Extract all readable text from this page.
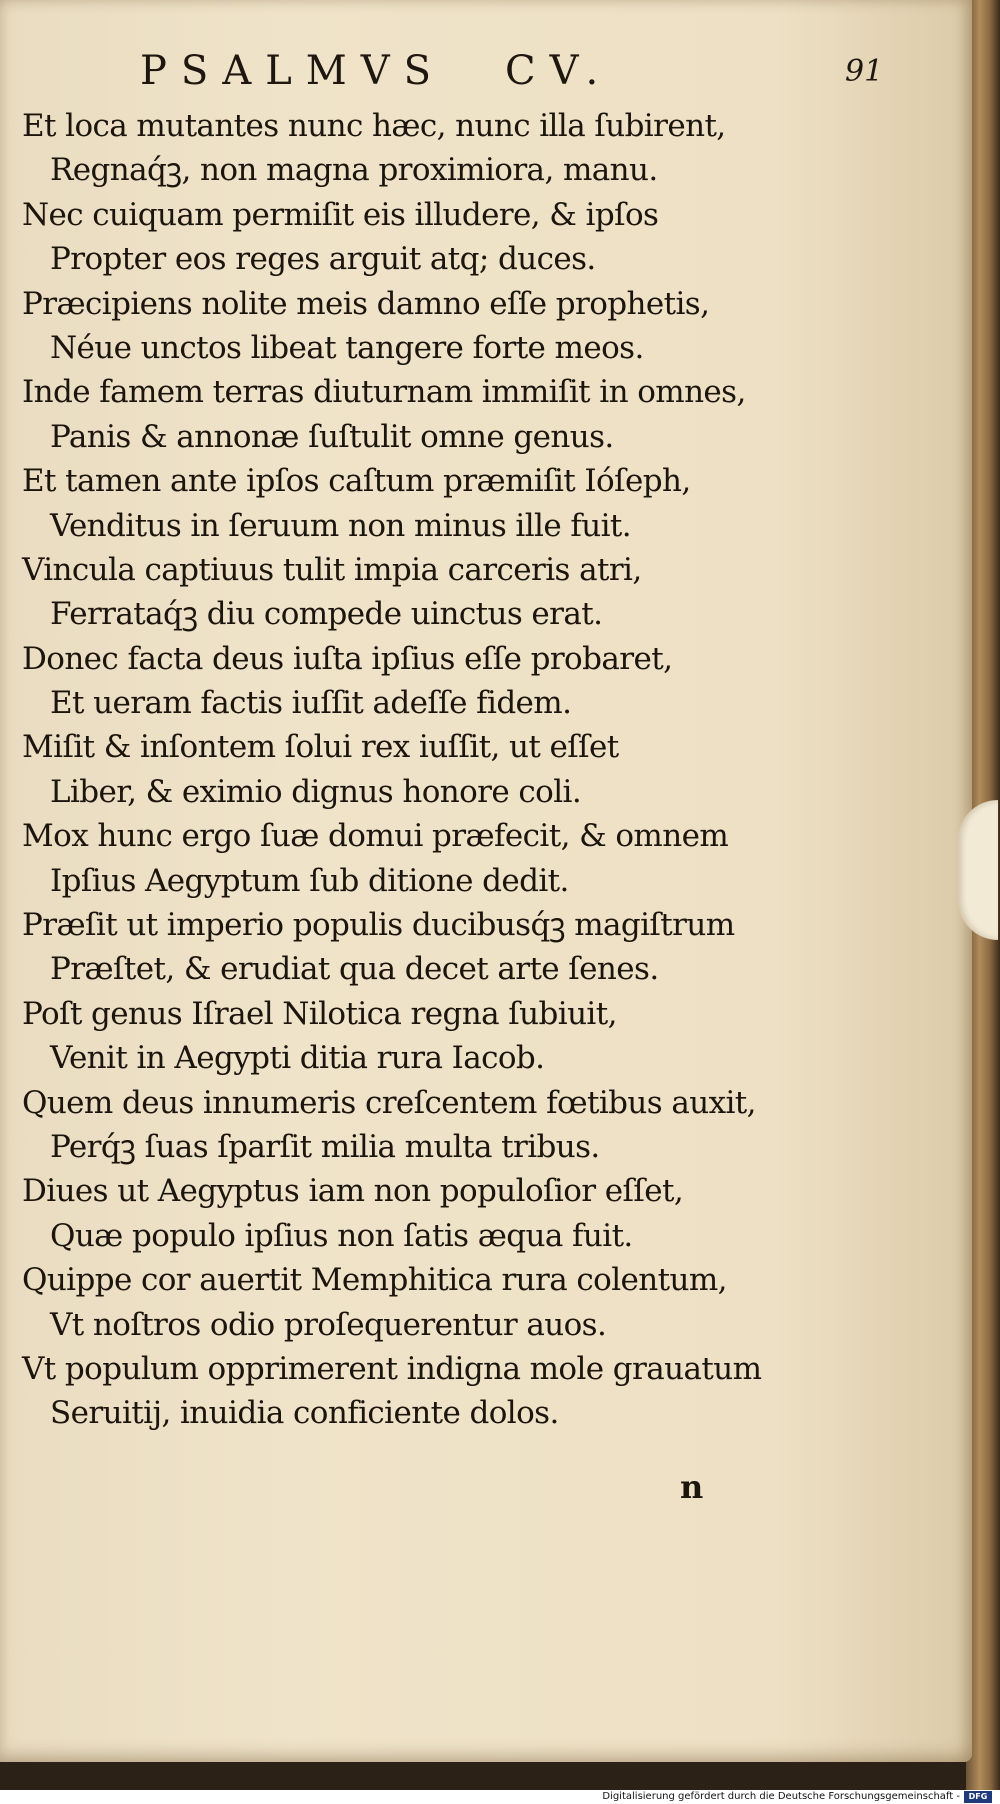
PSALMVS CV.	91
Et loca mutantes nunc hæc, nunc illa ſubirent,
Regnaq́ꝫ, non magna proximiora, manu.
Nec cuiquam permiſit eis illudere, & ipſos
Propter eos reges arguit atq; duces.
Præcipiens nolite meis damno eſſe prophetis,
Néue unctos libeat tangere forte meos.
Inde famem terras diuturnam immiſit in omnes,
Panis & annonæ ſuſtulit omne genus.
Et tamen ante ipſos caſtum præmiſit Ióſeph,
Venditus in ſeruum non minus ille fuit.
Vincula captiuus tulit impia carceris atri,
Ferrataq́ꝫ diu compede uinctus erat.
Donec facta deus iuſta ipſius eſſe probaret,
Et ueram factis iuſſit adeſſe fidem.
Miſit & inſontem ſolui rex iuſſit, ut eſſet
Liber, & eximio dignus honore coli.
Mox hunc ergo ſuæ domui præfecit, & omnem
Ipſius Aegyptum ſub ditione dedit.
Præſit ut imperio populis ducibusq́ꝫ magiſtrum
Præſtet, & erudiat qua decet arte ſenes.
Poſt genus Iſrael Nilotica regna ſubiuit,
Venit in Aegypti ditia rura Iacob.
Quem deus innumeris creſcentem fœtibus auxit,
Perq́ꝫ ſuas ſparſit milia multa tribus.
Diues ut Aegyptus iam non populoſior eſſet,
Quæ populo ipſius non ſatis æqua fuit.
Quippe cor auertit Memphitica rura colentum,
Vt noſtros odio proſequerentur auos.
Vt populum opprimerent indigna mole grauatum
Seruitij, inuidia conficiente dolos.
n
Digitalisierung gefördert durch die Deutsche Forschungsgemeinschaft -	DFG
